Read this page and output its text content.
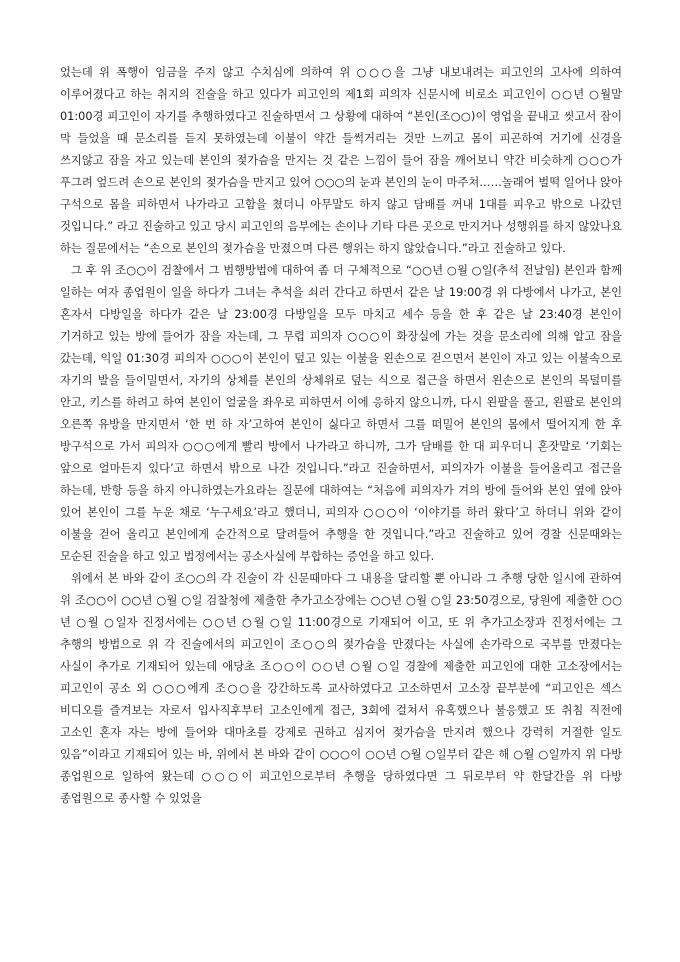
었는데 위 폭행이 임금을 주지 않고 수치심에 의하여 위 ○○○을 그냥 내보내려는 피고인의 고사에 의하여 이루어졌다고 하는 취지의 진술을 하고 있다가 피고인의 제1회 피의자 신문시에 비로소 피고인이 ○○년 ○월말 01:00경 피고인이 자기를 추행하였다고 진술하면서 그 상황에 대하여 “본인(조○○)이 영업을 끝내고 씻고서 잠이 막 들었을 때 문소리를 듣지 못하였는데 이불이 약간 들썩거리는 것만 느끼고 몸이 피곤하여 거기에 신경을 쓰지않고 잠을 자고 있는데 본인의 젖가슴을 만지는 것 같은 느낌이 들어 잠을 깨어보니 약간 비슷하게 ○○○가 푸그려 엎드려 손으로 본인의 젖가슴을 만지고 있어 ○○○의 눈과 본인의 눈이 마주쳐……놀래어 벌떡 일어나 앉아 구석으로 몸을 피하면서 나가라고 고함을 쳤더니 아무말도 하지 않고 담배를 꺼내 1대를 피우고 밖으로 나갔던 것입니다.” 라고 진술하고 있고 당시 피고인의 음부에는 손이나 기타 다른 곳으로 만지거나 성행위를 하지 않았나요 하는 질문에서는 “손으로 본인의 젖가슴을 만졌으며 다른 행위는 하지 않았습니다.”라고 진술하고 있다.

그 후 위 조○○이 검찰에서 그 범행방법에 대하여 좀 더 구체적으로 “○○년 ○월 ○일(추석 전날임) 본인과 함께 일하는 여자 종업원이 일을 하다가 그녀는 추석을 쇠러 간다고 하면서 같은 날 19:00경 위 다방에서 나가고, 본인 혼자서 다방일을 하다가 같은 날 23:00경 다방일을 모두 마치고 세수 등을 한 후 같은 날 23:40경 본인이 기거하고 있는 방에 들어가 잠을 자는데, 그 무렵 피의자 ○○○이 화장실에 가는 것을 문소리에 의해 알고 잠을 갔는데, 익일 01:30경 피의자 ○○○이 본인이 덮고 있는 이불을 왼손으로 걷으면서 본인이 자고 있는 이불속으로 자기의 발을 들이밀면서, 자기의 상체를 본인의 상체위로 덮는 식으로 접근을 하면서 왼손으로 본인의 목덜미를 안고, 키스를 하려고 하여 본인이 얼굴을 좌우로 피하면서 이에 응하지 않으니까, 다시 왼팔을 풀고, 왼팔로 본인의 오른쪽 유방을 만지면서 ‘한 번 하 자’고하여 본인이 싫다고 하면서 그를 떠밀어 본인의 몸에서 떨어지게 한 후 방구석으로 가서 피의자 ○○○에게 빨리 방에서 나가라고 하니까, 그가 담배를 한 대 피우더니 혼잣말로 ‘기회는 앞으로 얼마든지 있다’고 하면서 밖으로 나간 것입니다.”라고 진술하면서, 피의자가 이불을 들어올리고 접근을 하는데, 반항 등을 하지 아니하였는가요라는 질문에 대하여는 “처음에 피의자가 겨의 방에 들어와 본인 옆에 앉아 있어 본인이 그를 누운 채로 ‘누구세요’라고 했더니, 피의자 ○○○이 ‘이야기를 하러 왔다’고 하더니 위와 같이 이불을 걷어 올리고 본인에게 순간적으로 달려들어 추행을 한 것입니다.”라고 진술하고 있어 경찰 신문때와는 모순된 진술을 하고 있고 법정에서는 공소사실에 부합하는 증언을 하고 있다.

위에서 본 바와 같이 조○○의 각 진술이 각 신문때마다 그 내용을 달리할 뿐 아니라 그 추행 당한 일시에 관하여 위 조○○이 ○○년 ○월 ○일 검찰청에 제출한 추가고소장에는 ○○년 ○월 ○일 23:50경으로, 당원에 제출한 ○○년 ○월 ○일자 진정서에는 ○○년 ○월 ○일 11:00경으로 기재되어 이고, 또 위 추가고소장과 진정서에는 그 추행의 방법으로 위 각 진술에서의 피고인이 조○○의 젖가슴을 만졌다는 사실에 손가락으로 국부를 만졌다는 사실이 추가로 기재되어 있는데 애당초 조○○이 ○○년 ○월 ○일 경찰에 제출한 피고인에 대한 고소장에서는 피고인이 공소 외 ○○○에게 조○○을 강간하도록 교사하였다고 고소하면서 고소장 끝부분에 “피고인은 섹스 비디오를 즐겨보는 자로서 입사직후부터 고소인에게 접근, 3회에 걸쳐서 유혹했으나 불응했고 또 취침 직전에 고소인 혼자 자는 방에 들어와 대마초를 강제로 권하고 심지어 젖가슴을 만지려 했으나 강력히 거절한 일도 있음”이라고 기재되어 있는 바, 위에서 본 바와 같이 ○○○이 ○○년 ○월 ○일부터 같은 해 ○월 ○일까지 위 다방 종업원으로 일하여 왔는데 ○○○이 피고인으로부터 추행을 당하였다면 그 뒤로부터 약 한달간을 위 다방 종업원으로 종사할 수 있었을
